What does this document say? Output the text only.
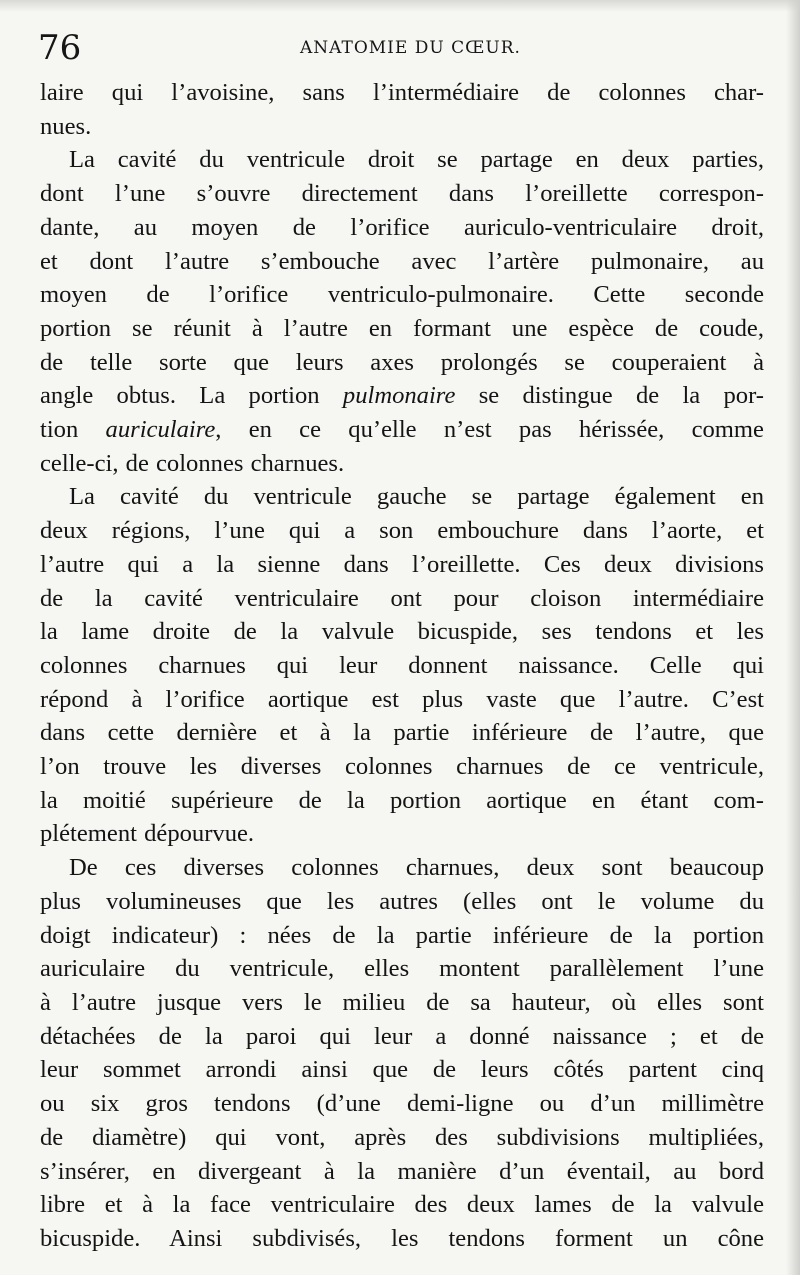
76	ANATOMIE DU CŒUR.
laire qui l’avoisine, sans l’intermédiaire de colonnes char-
nues.
La cavité du ventricule droit se partage en deux parties,
dont l’une s’ouvre directement dans l’oreillette correspon-
dante, au moyen de l’orifice auriculo-ventriculaire droit,
et dont l’autre s’embouche avec l’artère pulmonaire, au
moyen de l’orifice ventriculo-pulmonaire. Cette seconde
portion se réunit à l’autre en formant une espèce de coude,
de telle sorte que leurs axes prolongés se couperaient à
angle obtus. La portion pulmonaire se distingue de la por-
tion auriculaire, en ce qu’elle n’est pas hérissée, comme
celle-ci, de colonnes charnues.
La cavité du ventricule gauche se partage également en
deux régions, l’une qui a son embouchure dans l’aorte, et
l’autre qui a la sienne dans l’oreillette. Ces deux divisions
de la cavité ventriculaire ont pour cloison intermédiaire
la lame droite de la valvule bicuspide, ses tendons et les
colonnes charnues qui leur donnent naissance. Celle qui
répond à l’orifice aortique est plus vaste que l’autre. C’est
dans cette dernière et à la partie inférieure de l’autre, que
l’on trouve les diverses colonnes charnues de ce ventricule,
la moitié supérieure de la portion aortique en étant com-
plétement dépourvue.
De ces diverses colonnes charnues, deux sont beaucoup
plus volumineuses que les autres (elles ont le volume du
doigt indicateur) : nées de la partie inférieure de la portion
auriculaire du ventricule, elles montent parallèlement l’une
à l’autre jusque vers le milieu de sa hauteur, où elles sont
détachées de la paroi qui leur a donné naissance ; et de
leur sommet arrondi ainsi que de leurs côtés partent cinq
ou six gros tendons (d’une demi-ligne ou d’un millimètre
de diamètre) qui vont, après des subdivisions multipliées,
s’insérer, en divergeant à la manière d’un éventail, au bord
libre et à la face ventriculaire des deux lames de la valvule
bicuspide. Ainsi subdivisés, les tendons forment un cône
